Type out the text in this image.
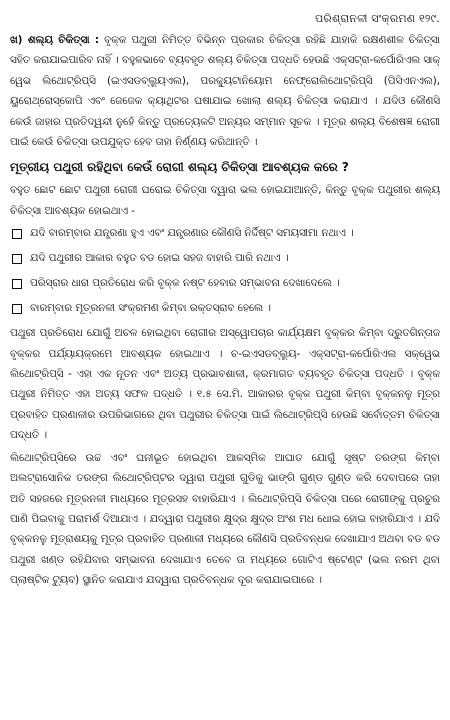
ପରିଶ୍ରାନଳୀ ସଂକ୍ରମଣ ୧୨୯.

ଖ) ଶଲ୍ୟ ଚିକିତ୍ସା : ବୃକ୍କ ପଥୁରୀ ନିମିତ୍ତ ବିଭିନ୍ନ ପ୍ରକାର ଚିକିତ୍ସା ରହିଛି ଯାହାକି ରକ୍ଷଣଶୀଳ ଚିକିତ୍ସା ସହିତ କରାଯାଇପାରିବ ନାହିଁ । ବହୁଳଭାବେ ବ୍ୟବହୃତ ଶଲ୍ୟ ଚିକିତ୍ସା ପଦ୍ଧତି ହେଉଛି ଏକ୍ସଟ୍ରା-କର୍ପୋରିଏଲ ସାକ୍ ୱେଭ ଲିଥୋଟ୍ରିପ୍‌ସି (ଇଏସଡବ୍ଲ୍ୟୁଏଲ), ପରକ୍ୟୁଟାନିୟୋମ ନେଫ୍ରୋଲିଥୋଟ୍ରିପ୍‌ସି (ପିସିଏନଏଲ), ୟୁରୋଥ୍ରୋସ୍କୋପି ଏବଂ ଜେଜେକ କ୍ୟାଥିଟର ଘଷାଯାଇ ଖୋଲା ଶଲ୍ୟ ଚିକିତ୍ସା କରାଯାଏ । ଯଦିଓ କୌଣସି କେଉଁ ଜାହାର ପ୍ରତିଦ୍ୱନ୍ଦୀ ନୁହେଁ କିନ୍ତୁ ପ୍ରତ୍ୟେକଟି ଅନ୍ୟର ସମ୍ମାନ ସୂଚକ । ମୂତ୍ର ଶଲ୍ୟ ବିଶେଷଜ୍ଞ ରୋଗୀ ପାଇଁ କେଉଁ ଚିକିତ୍ସା ଉପଯୁକ୍ତ ହେବ ତାହା ନିର୍ଣ୍ଣୟ କରିଥାନ୍ତି ।

ମୂତ୍ରୀୟ ପଥୁରୀ ରହିଥିବା କେଉଁ ରୋଗୀ ଶଲ୍ୟ ଚିକିତ୍ସା ଆବଶ୍ୟକ କରେ ?

ବହୁତ ଛୋଟ ଛୋଟ ପଥୁରୀ ରୋଗୀ ଘରୋଇ ଚିକିତ୍ସା ଦ୍ୱାରା ଭଲ ହୋଇଯାଆନ୍ତି, କିନ୍ତୁ ବୃକ୍କ ପଥୁରୀର ଶଲ୍ୟ ଚିକିତ୍ସା ଆବଶ୍ୟକ ହୋଇଥାଏ -

ଯଦି ବାରମ୍ବାର ଯନ୍ତ୍ରଣା ହୁଏ ଏବଂ ଯନ୍ତ୍ରଣାର କୌଣସି ନିର୍ଦ୍ଦିଷ୍ଟ ସମୟସୀମା ନଥାଏ ।
ଯଦି ପଥୁରୀର ଆକାର ବହୁତ ବଡ ହୋଇ ସହଜ ବାହାରି ପାରି ନଥାଏ ।
ପରିସ୍ରାର ଧାରା ପ୍ରତିରୋଧ କରି ବୃକ୍କ ନଷ୍ଟ ହେବାର ସମ୍ଭାବନା ଦେଖାଦେଲେ ।
ବାରମ୍ବାର ମୂତ୍ରନଳୀ ସଂକ୍ରମଣ କିମ୍ବା ରକ୍ତସ୍ରାବ ହେଲେ ।

ପଥୁରୀ ପ୍ରତିରୋଧ ଯୋଗୁଁ ଅଚଳ ହୋଇଥିବା ରୋଗୀର ଅସ୍ୱୋପଚାର କାର୍ଯ୍ୟକ୍ଷମ ବୃକ୍କର କିମ୍ବା ଦ୍ରୁତଗିନ୍ତାଜ ବୃକ୍କର ପର୍ଯ୍ୟାୟକ୍ରମେ ଆବଶ୍ୟକ ହୋଇଥାଏ । ଚ-ଇଏସଡବ୍ଲ୍ୟୁ- ଏକ୍ସଟ୍ରା-କର୍ପୋରିଏଲ ସକ୍‌ୱେଭ ଲିଥୋଟ୍ରିପ୍‌ସି - ଏହା ଏକ ନୂତନ ଏବଂ ଅତ୍ୟ ପ୍ରଭାବଶାଳୀ, କ୍ରମାଗତ ବ୍ୟବହୃତ ଚିକିତ୍ସା ପଦ୍ଧତି । ବୃକ୍କ ପଥୁରୀ ନିମିତ୍ତ ଏହା ଅତ୍ୟ ସଫଳ ପଦ୍ଧତି । ୧.୫ ସେ.ମି. ଆକାରର ବୃକ୍କ ପଥୁରୀ କିମ୍ବା ବୃକ୍କନଳୁ ମୂତ୍ର ପ୍ରବାହିତ ପ୍ରଣାଳୀର ଉପରିଭାଗରେ ଥିବା ପଥୁରୀର ଚିକିତ୍ସା ପାଇଁ ଲିଥୋଟ୍ରିପ୍‌ସି ହେଉଛି ସର୍ବୋତ୍ତମ ଚିକିତ୍ସା ପଦ୍ଧତି ।

ଲିଥୋଟ୍ରିପ୍‌ସିରେ ଉଚ୍ଚ ଏବଂ ଘନୀଭୂତ ହୋଇଥିବା ଆକସ୍ମିକ ଆଘାତ ଯୋଗୁଁ ସୃଷ୍ଟ ତରଙ୍ଗ କିମ୍ବା ଅଲଟ୍ରାସୋନିକ ତରଙ୍ଗ ଲିଥୋଟ୍ରିପ୍ଟର ଦ୍ୱାରା ପଥୁରୀ ଗୁଡିକୁ ଭାଙ୍ଗି ଗୁଣ୍ଡ ଗୁଣ୍ଡ କରି ଦେବାପରେ ତାହା ଅତି ସହଜରେ ମୂତ୍ରନଳୀ ମାଧ୍ୟରେ ମୂତ୍ରସହ ବାହାରିଯାଏ । ଲିଥୋଟ୍ରିପ୍‌ସି ଚିକିତ୍ସା ପରେ ରୋଗୀଙ୍କୁ ପ୍ରଚୁର ପାଣି ପିଇବାକୁ ପରାମର୍ଶ ଦିଆଯାଏ । ଯଦ୍ୱାରା ପଥୁରୀର କ୍ଷୁଦ୍ର କ୍ଷୁଦ୍ର ଅଂଶ ମଧ ଧୋଇ ହୋଇ ବାହାରିଯାଏ । ଯଦି ବୃକ୍କନଳୁ ମୂତ୍ରାଶୟକୁ ମୂତ୍ର ପ୍ରବାହିତ ପ୍ରଣାଳୀ ମଧ୍ୟରେ କୌଣସି ପ୍ରତିବନ୍ଧକ ଦେଖାଯାଏ ଅଥବା ବଡ ବଡ ପଥୁରୀ ଖଣ୍ଡ ରହିଯିବାର ସମ୍ଭାବନା ଦେଖାଯାଏ ତେବେ ତା ମଧ୍ୟରେ ଗୋଟିଏ ଷ୍ଟେଣ୍ଟ (ଭଲ ନରମ ଥିବା ପ୍ଲାଷ୍ଟିକ ଟ୍ୟୁବ) ସ୍ଥାନିତ କରାଯାଏ ଯଦ୍ୱାରା ପ୍ରତିବନ୍ଧକ ଦୂର କରାଯାଇପାରେ ।
